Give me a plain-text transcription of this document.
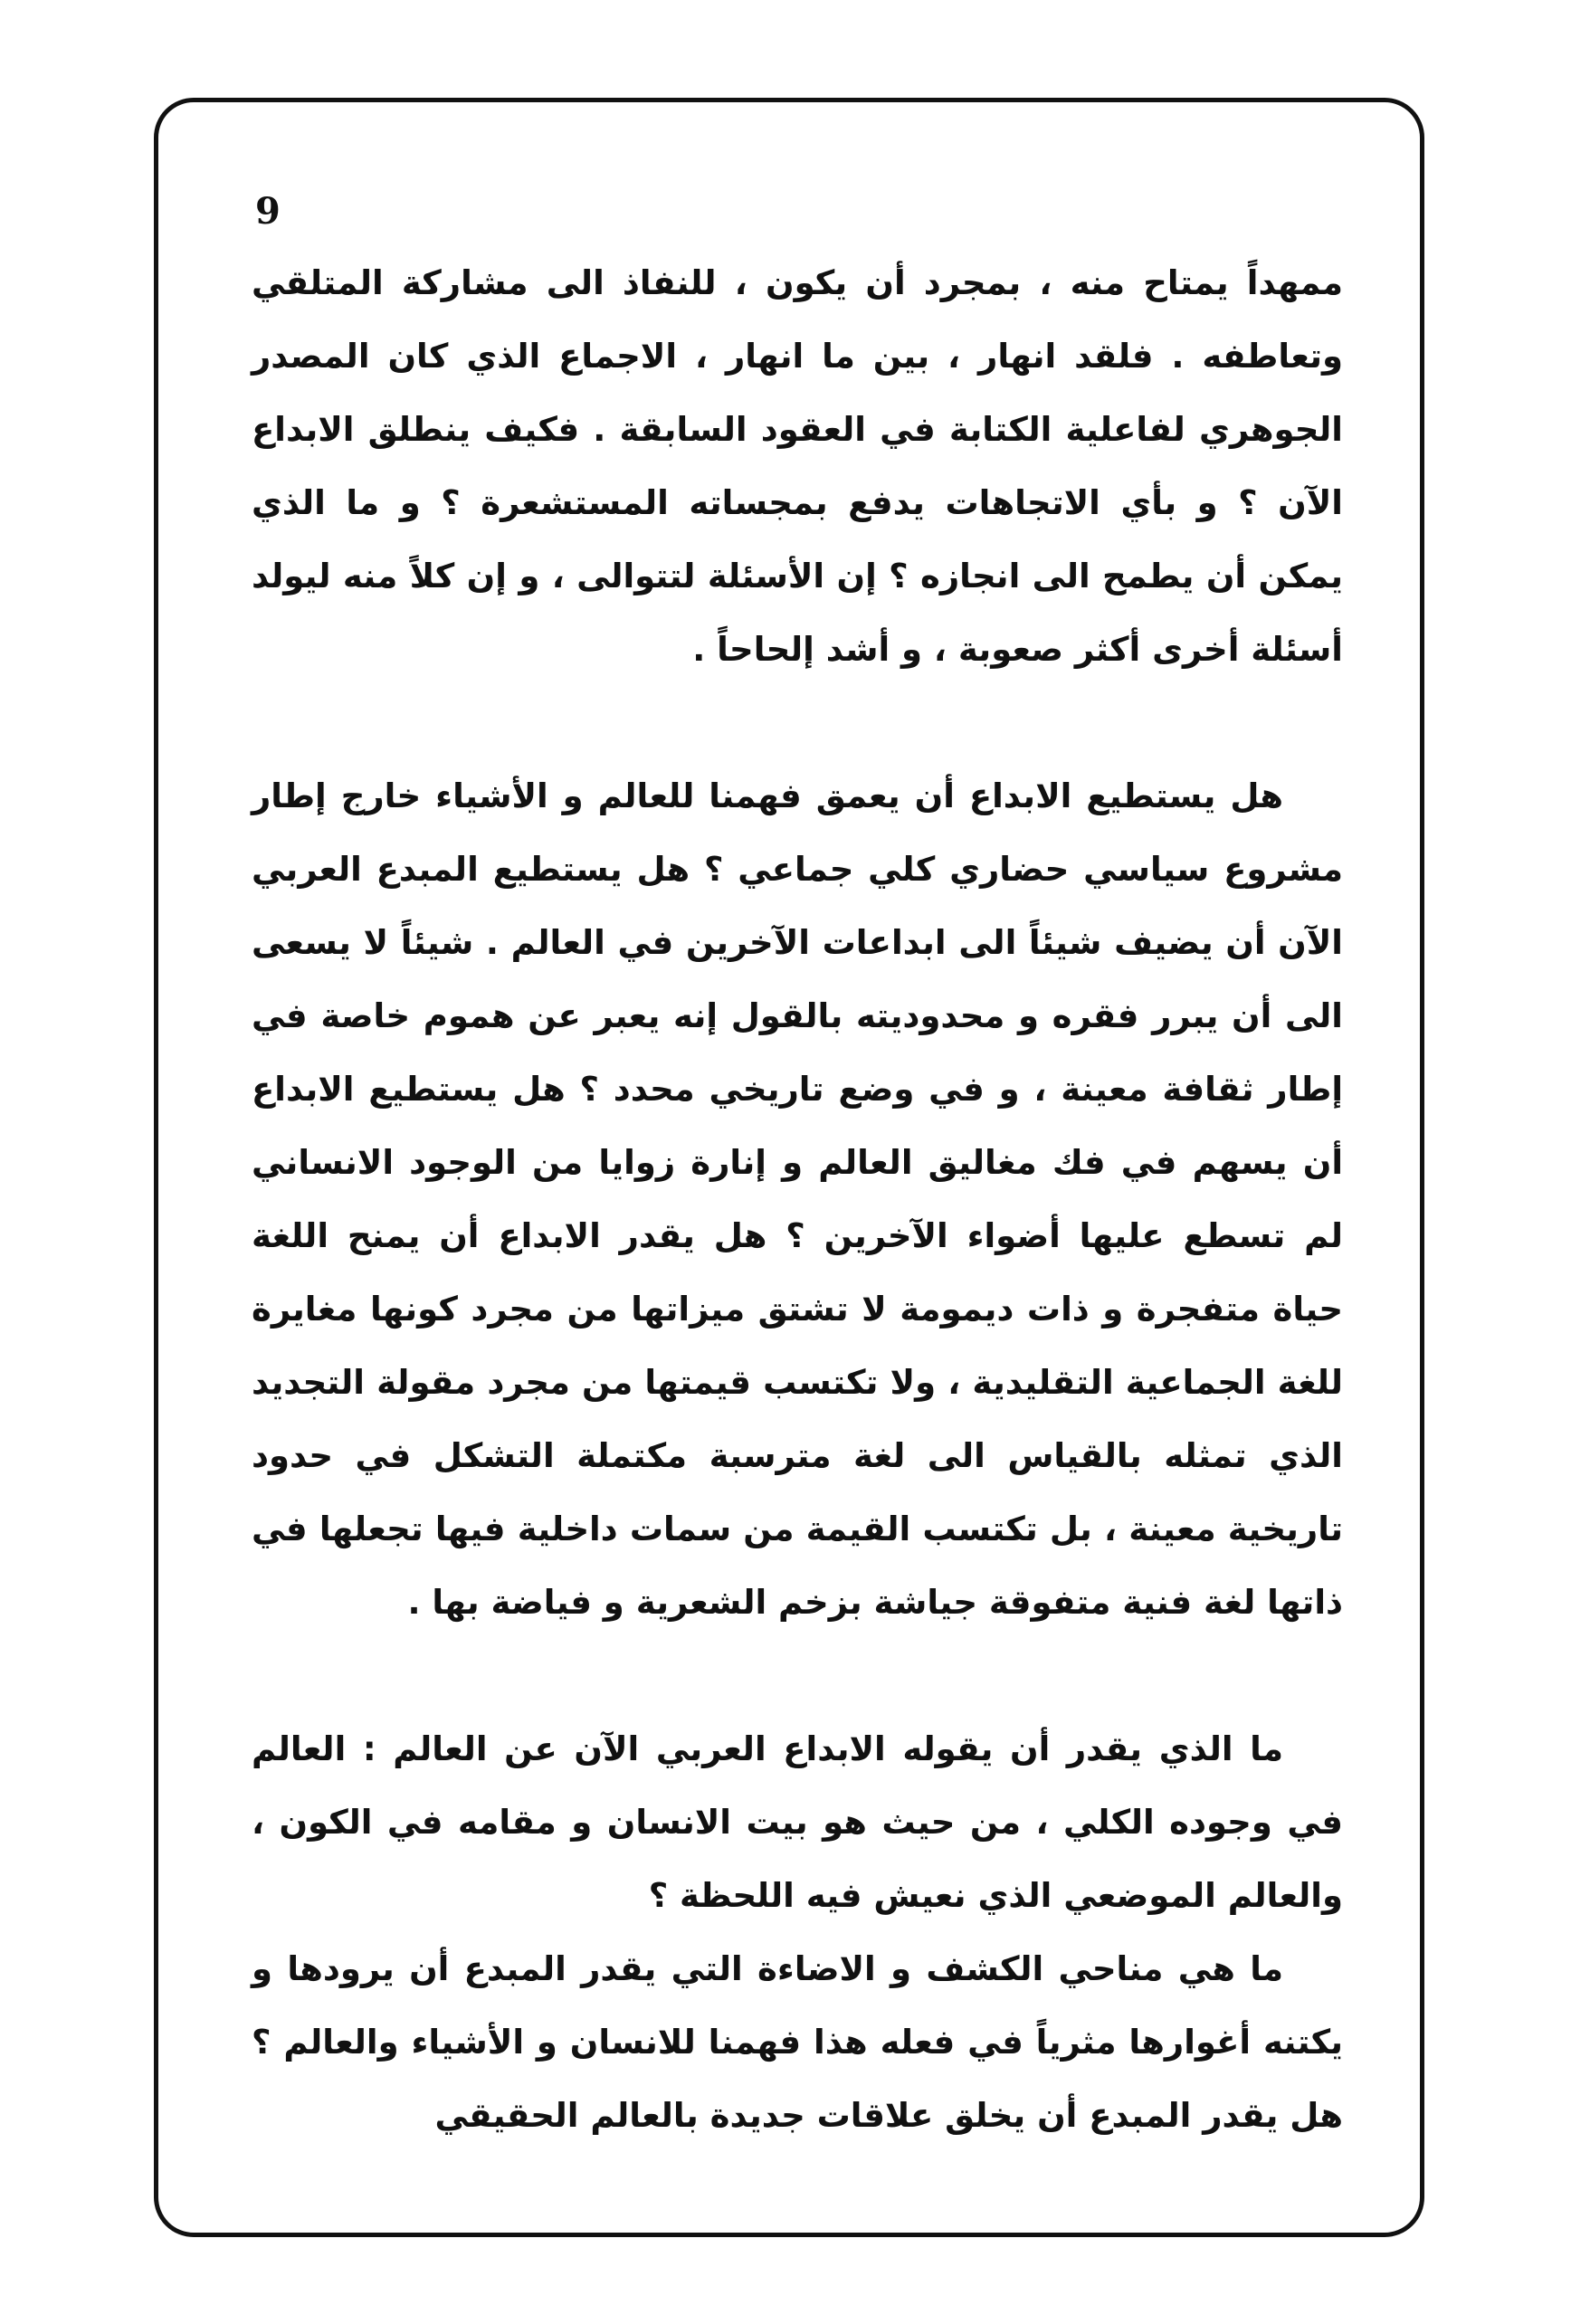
9

ممهداً يمتاح منه ، بمجرد أن يكون ، للنفاذ الى مشاركة المتلقي وتعاطفه . فلقد انهار ، بين ما انهار ، الاجماع الذي كان المصدر الجوهري لفاعلية الكتابة في العقود السابقة . فكيف ينطلق الابداع الآن ؟ و بأي الاتجاهات يدفع بمجساته المستشعرة ؟ و ما الذي يمكن أن يطمح الى انجازه ؟ إن الأسئلة لتتوالى ، و إن كلاً منه ليولد أسئلة أخرى أكثر صعوبة ، و أشد إلحاحاً .

هل يستطيع الابداع أن يعمق فهمنا للعالم و الأشياء خارج إطار مشروع سياسي حضاري كلي جماعي ؟ هل يستطيع المبدع العربي الآن أن يضيف شيئاً الى ابداعات الآخرين في العالم . شيئاً لا يسعى الى أن يبرر فقره و محدوديته بالقول إنه يعبر عن هموم خاصة في إطار ثقافة معينة ، و في وضع تاريخي محدد ؟ هل يستطيع الابداع أن يسهم في فك مغاليق العالم و إنارة زوايا من الوجود الانساني لم تسطع عليها أضواء الآخرين ؟ هل يقدر الابداع أن يمنح اللغة حياة متفجرة و ذات ديمومة لا تشتق ميزاتها من مجرد كونها مغايرة للغة الجماعية التقليدية ، ولا تكتسب قيمتها من مجرد مقولة التجديد الذي تمثله بالقياس الى لغة مترسبة مكتملة التشكل في حدود تاريخية معينة ، بل تكتسب القيمة من سمات داخلية فيها تجعلها في ذاتها لغة فنية متفوقة جياشة بزخم الشعرية و فياضة بها .

ما الذي يقدر أن يقوله الابداع العربي الآن عن العالم : العالم في وجوده الكلي ، من حيث هو بيت الانسان و مقامه في الكون ، والعالم الموضعي الذي نعيش فيه اللحظة ؟

ما هي مناحي الكشف و الاضاءة التي يقدر المبدع أن يرودها و يكتنه أغوارها مثرياً في فعله هذا فهمنا للانسان و الأشياء والعالم ؟ هل يقدر المبدع أن يخلق علاقات جديدة بالعالم الحقيقي
